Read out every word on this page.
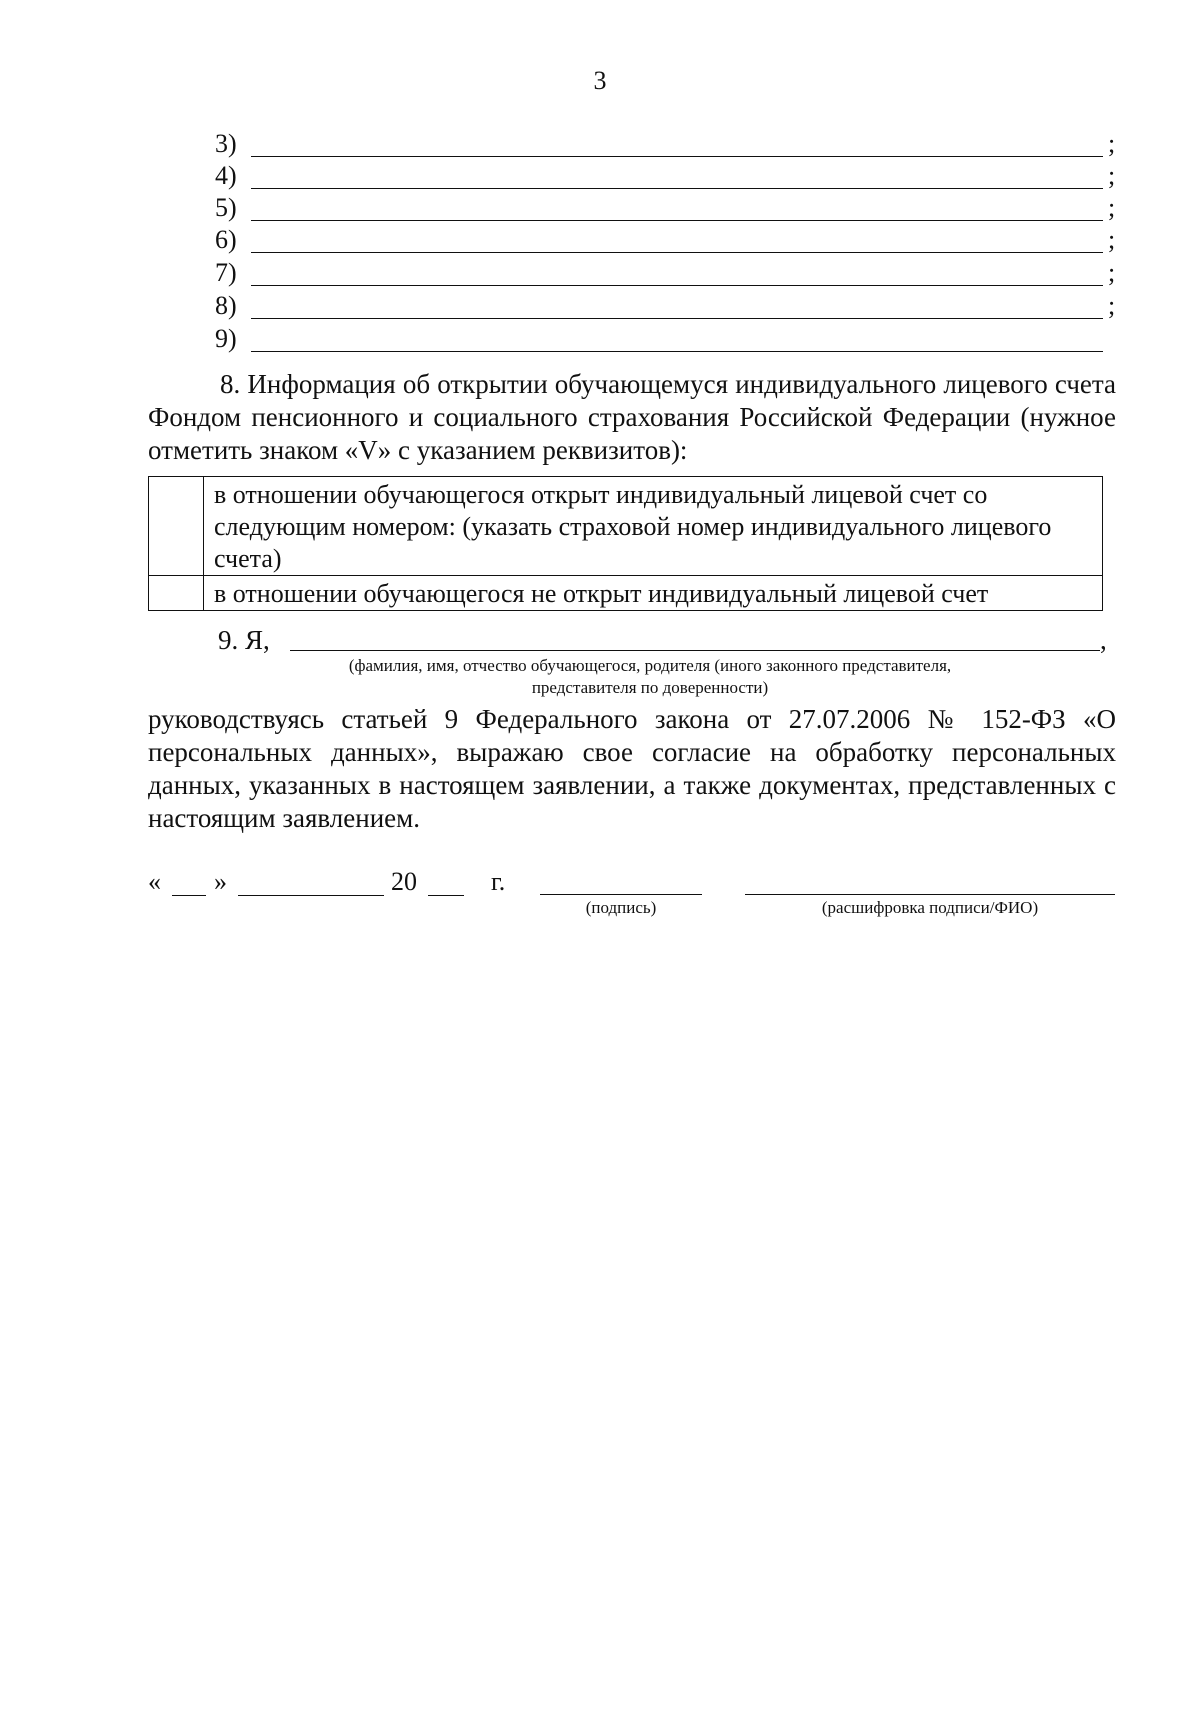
3
3)	;
4)	;
5)	;
6)	;
7)	;
8)	;
9)
8. Информация об открытии обучающемуся индивидуального лицевого счета Фондом пенсионного и социального страхования Российской Федерации (нужное отметить знаком «V» с указанием реквизитов):
	в отношении обучающегося открыт индивидуальный лицевой счет со следующим номером: (указать страховой номер индивидуального лицевого счета)
	в отношении обучающегося не открыт индивидуальный лицевой счет
9. Я,	,
(фамилия, имя, отчество обучающегося, родителя (иного законного представителя,
представителя по доверенности)
руководствуясь статьей 9 Федерального закона от 27.07.2006 № 152-ФЗ «О персональных данных», выражаю свое согласие на обработку персональных данных, указанных в настоящем заявлении, а также документах, представленных с настоящим заявлением.
« »	20	г.
(подпись)	(расшифровка подписи/ФИО)
